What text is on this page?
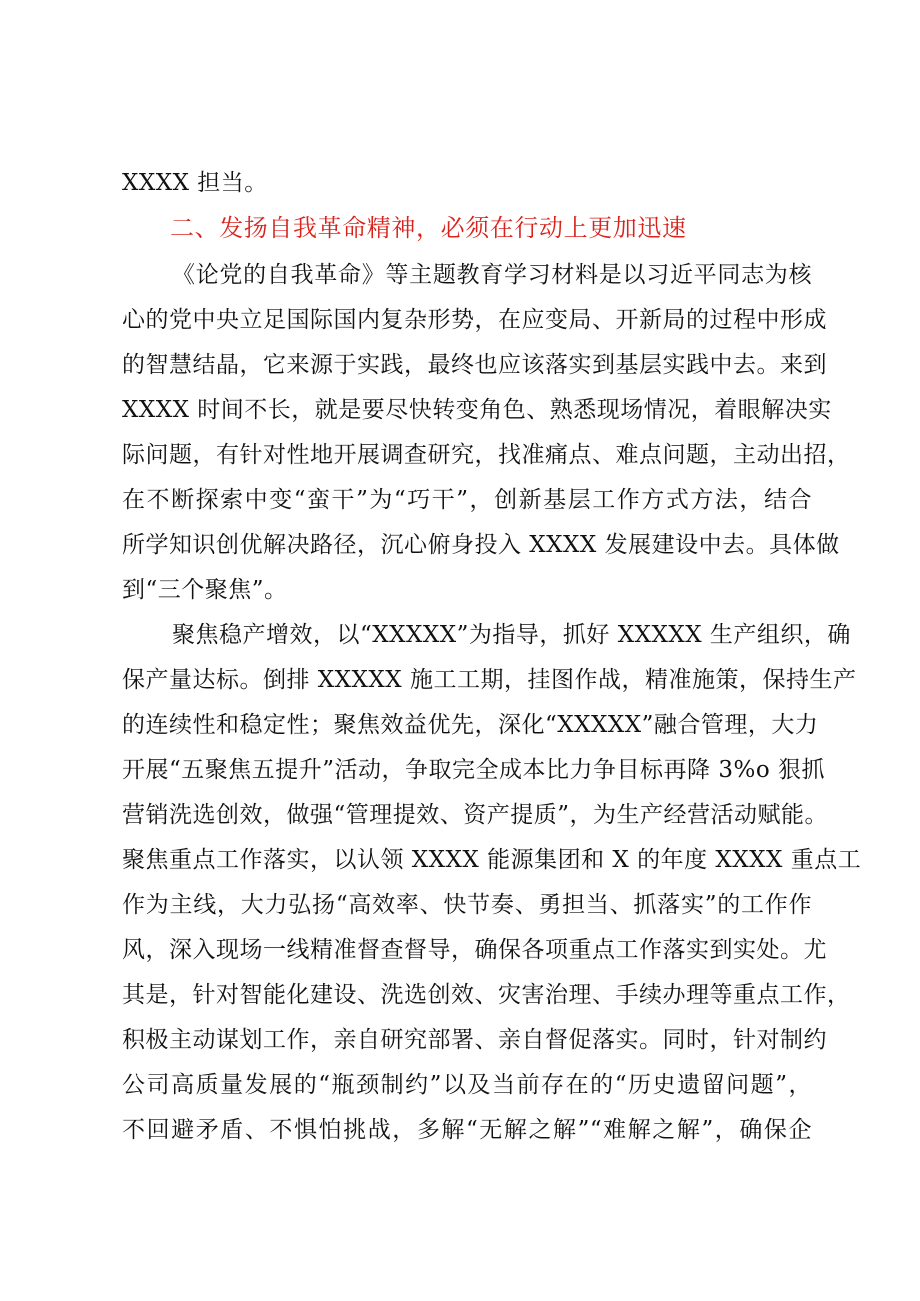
XXXX 担当。
二、发扬自我革命精神，必须在行动上更加迅速
《论党的自我革命》等主题教育学习材料是以习近平同志为核
心的党中央立足国际国内复杂形势，在应变局、开新局的过程中形成
的智慧结晶，它来源于实践，最终也应该落实到基层实践中去。来到
XXXX 时间不长，就是要尽快转变角色、熟悉现场情况，着眼解决实
际问题，有针对性地开展调查研究，找准痛点、难点问题，主动出招，
在不断探索中变“蛮干”为“巧干”，创新基层工作方式方法，结合
所学知识创优解决路径，沉心俯身投入 XXXX 发展建设中去。具体做
到“三个聚焦”。
聚焦稳产增效，以“XXXXX”为指导，抓好 XXXXX 生产组织，确
保产量达标。倒排 XXXXX 施工工期，挂图作战，精准施策，保持生产
的连续性和稳定性；聚焦效益优先，深化“XXXXX”融合管理，大力
开展“五聚焦五提升”活动，争取完全成本比力争目标再降 3%o 狠抓
营销洗选创效，做强“管理提效、资产提质”，为生产经营活动赋能。
聚焦重点工作落实，以认领 XXXX 能源集团和 X 的年度 XXXX 重点工
作为主线，大力弘扬“高效率、快节奏、勇担当、抓落实”的工作作
风，深入现场一线精准督查督导，确保各项重点工作落实到实处。尤
其是，针对智能化建设、洗选创效、灾害治理、手续办理等重点工作，
积极主动谋划工作，亲自研究部署、亲自督促落实。同时，针对制约
公司高质量发展的“瓶颈制约”以及当前存在的“历史遗留问题”，
不回避矛盾、不惧怕挑战，多解“无解之解”“难解之解”，确保企
